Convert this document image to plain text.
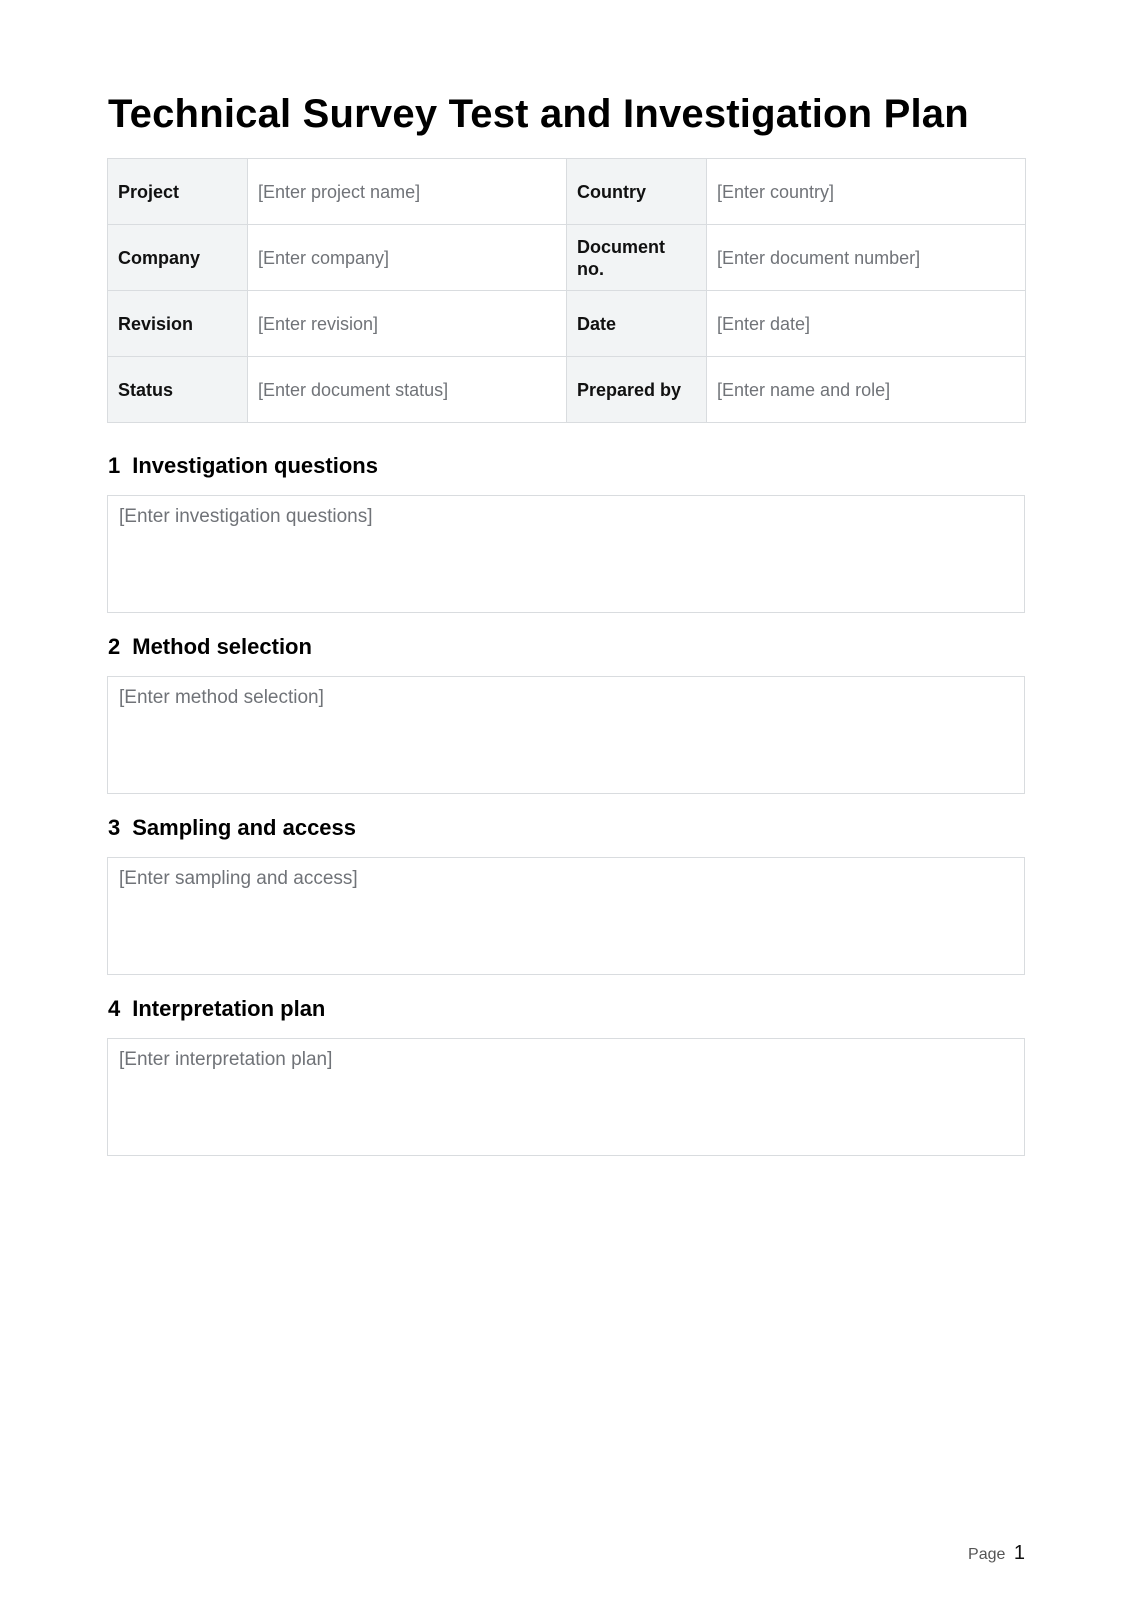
Technical Survey Test and Investigation Plan
Project	[Enter project name]	Country	[Enter country]
Company	[Enter company]	Document no.	[Enter document number]
Revision	[Enter revision]	Date	[Enter date]
Status	[Enter document status]	Prepared by	[Enter name and role]
1 Investigation questions
[Enter investigation questions]
2 Method selection
[Enter method selection]
3 Sampling and access
[Enter sampling and access]
4 Interpretation plan
[Enter interpretation plan]
Page 1
